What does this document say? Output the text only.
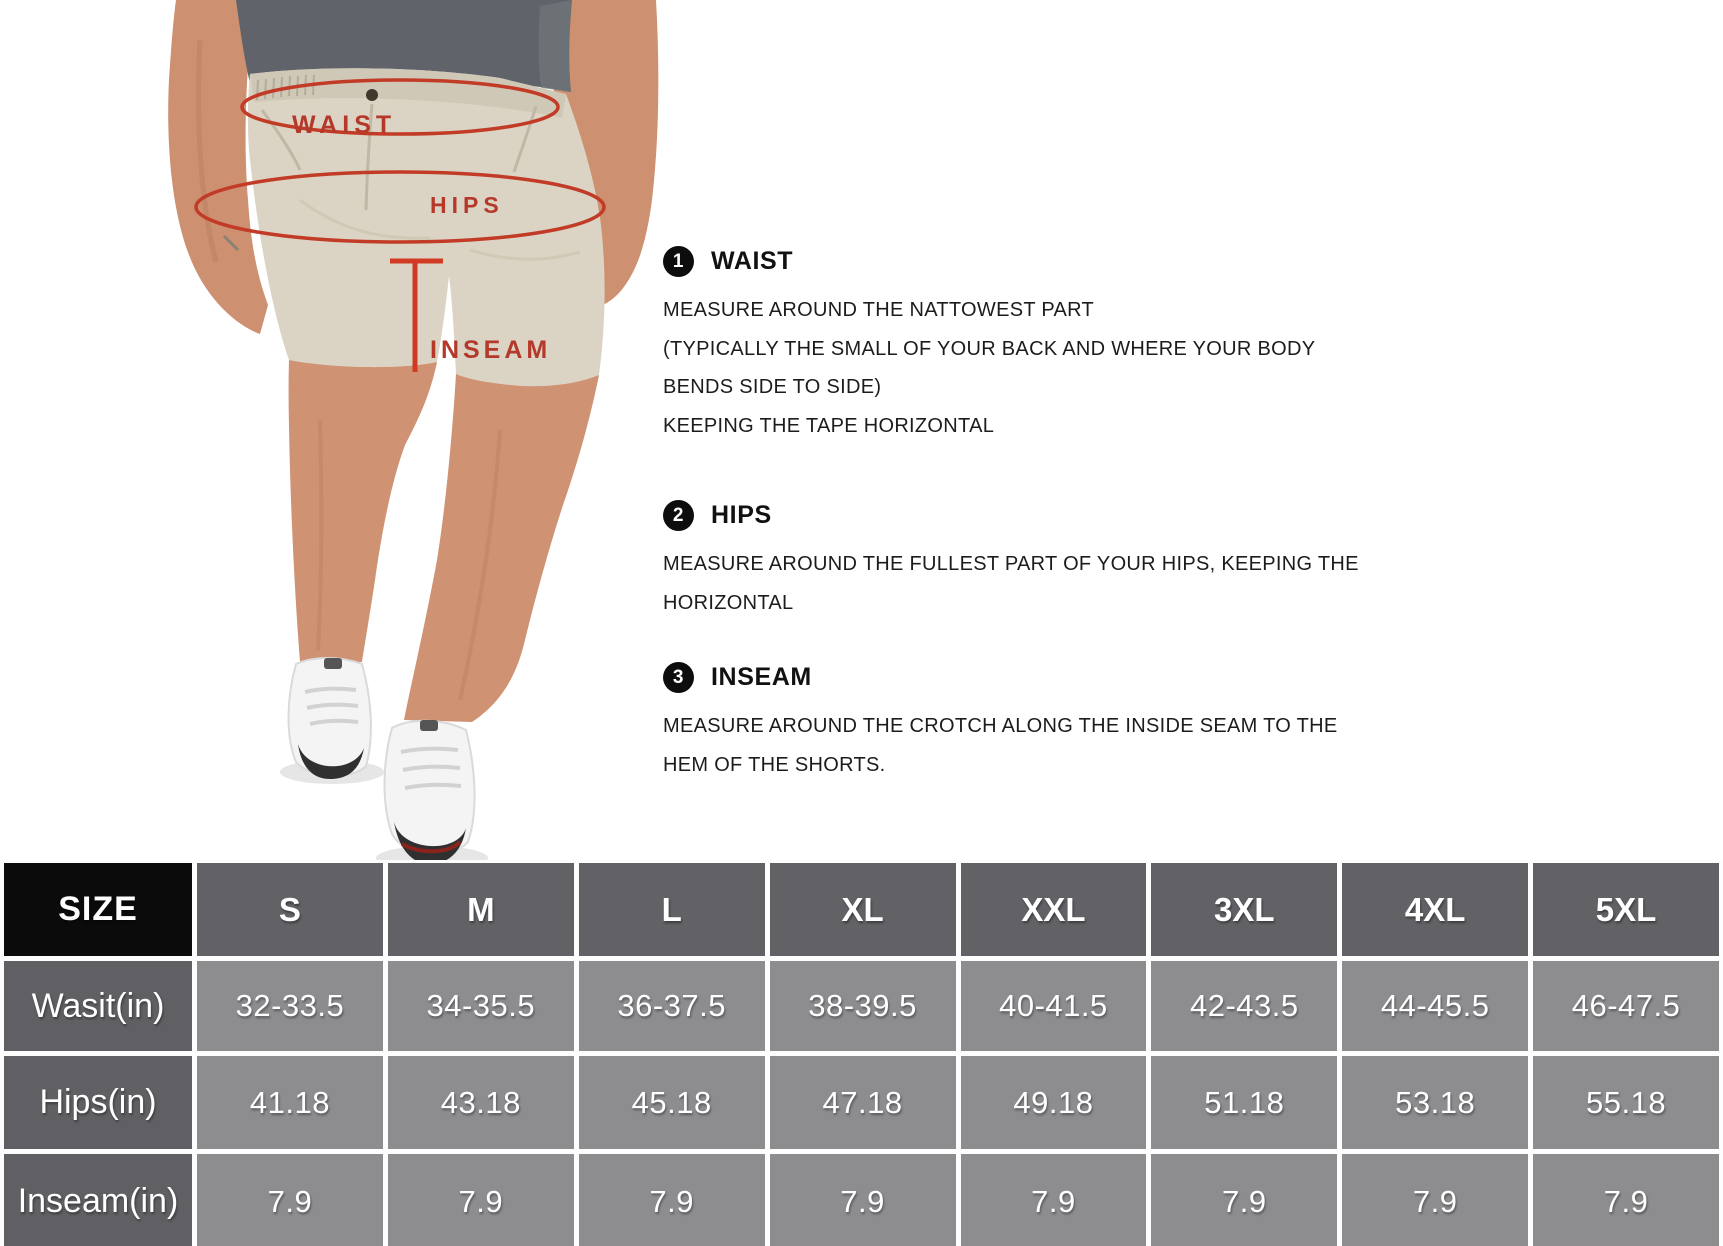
WAIST
HIPS
INSEAM
1	WAIST
MEASURE AROUND THE NATTOWEST PART
(TYPICALLY THE SMALL OF YOUR BACK AND WHERE YOUR BODY
BENDS SIDE TO SIDE)
KEEPING THE TAPE HORIZONTAL
2	HIPS
MEASURE AROUND THE FULLEST PART OF YOUR HIPS, KEEPING THE
HORIZONTAL
3	INSEAM
MEASURE AROUND THE CROTCH ALONG THE INSIDE SEAM TO THE
HEM OF THE SHORTS.
SIZE	S	M	L	XL	XXL	3XL	4XL	5XL
Wasit(in)	32-33.5	34-35.5	36-37.5	38-39.5	40-41.5	42-43.5	44-45.5	46-47.5
Hips(in)	41.18	43.18	45.18	47.18	49.18	51.18	53.18	55.18
Inseam(in)	7.9	7.9	7.9	7.9	7.9	7.9	7.9	7.9
